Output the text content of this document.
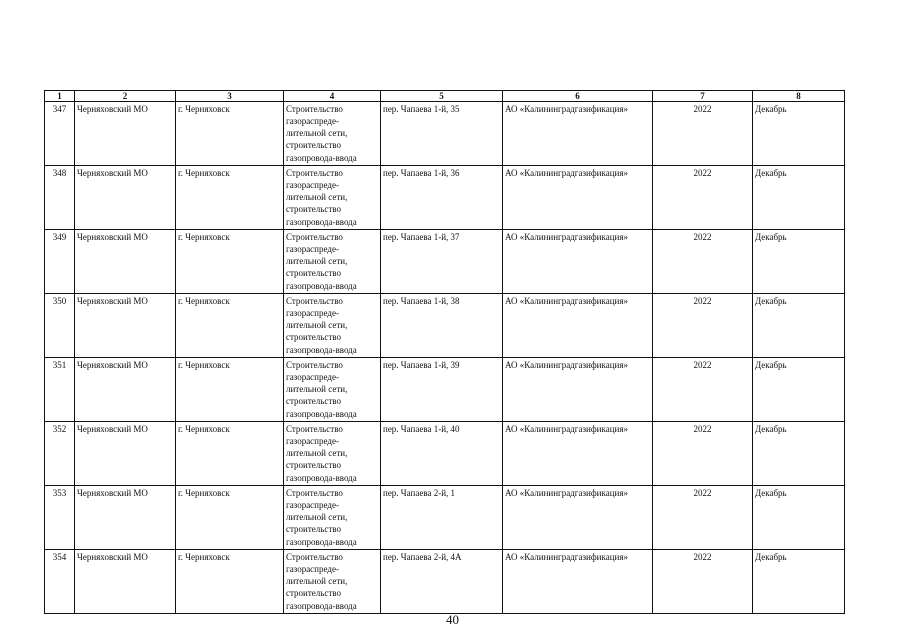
1	2	3	4	5	6	7	8
347	Черняховский МО	г. Черняховск	Строительство газораспреде-лительной сети, строительство газопровода-ввода	пер. Чапаева 1-й, 35	АО «Калининградгазификация»	2022	Декабрь
348	Черняховский МО	г. Черняховск	Строительство газораспреде-лительной сети, строительство газопровода-ввода	пер. Чапаева 1-й, 36	АО «Калининградгазификация»	2022	Декабрь
349	Черняховский МО	г. Черняховск	Строительство газораспреде-лительной сети, строительство газопровода-ввода	пер. Чапаева 1-й, 37	АО «Калининградгазификация»	2022	Декабрь
350	Черняховский МО	г. Черняховск	Строительство газораспреде-лительной сети, строительство газопровода-ввода	пер. Чапаева 1-й, 38	АО «Калининградгазификация»	2022	Декабрь
351	Черняховский МО	г. Черняховск	Строительство газораспреде-лительной сети, строительство газопровода-ввода	пер. Чапаева 1-й, 39	АО «Калининградгазификация»	2022	Декабрь
352	Черняховский МО	г. Черняховск	Строительство газораспреде-лительной сети, строительство газопровода-ввода	пер. Чапаева 1-й, 40	АО «Калининградгазификация»	2022	Декабрь
353	Черняховский МО	г. Черняховск	Строительство газораспреде-лительной сети, строительство газопровода-ввода	пер. Чапаева 2-й, 1	АО «Калининградгазификация»	2022	Декабрь
354	Черняховский МО	г. Черняховск	Строительство газораспреде-лительной сети, строительство газопровода-ввода	пер. Чапаева 2-й, 4А	АО «Калининградгазификация»	2022	Декабрь
40
